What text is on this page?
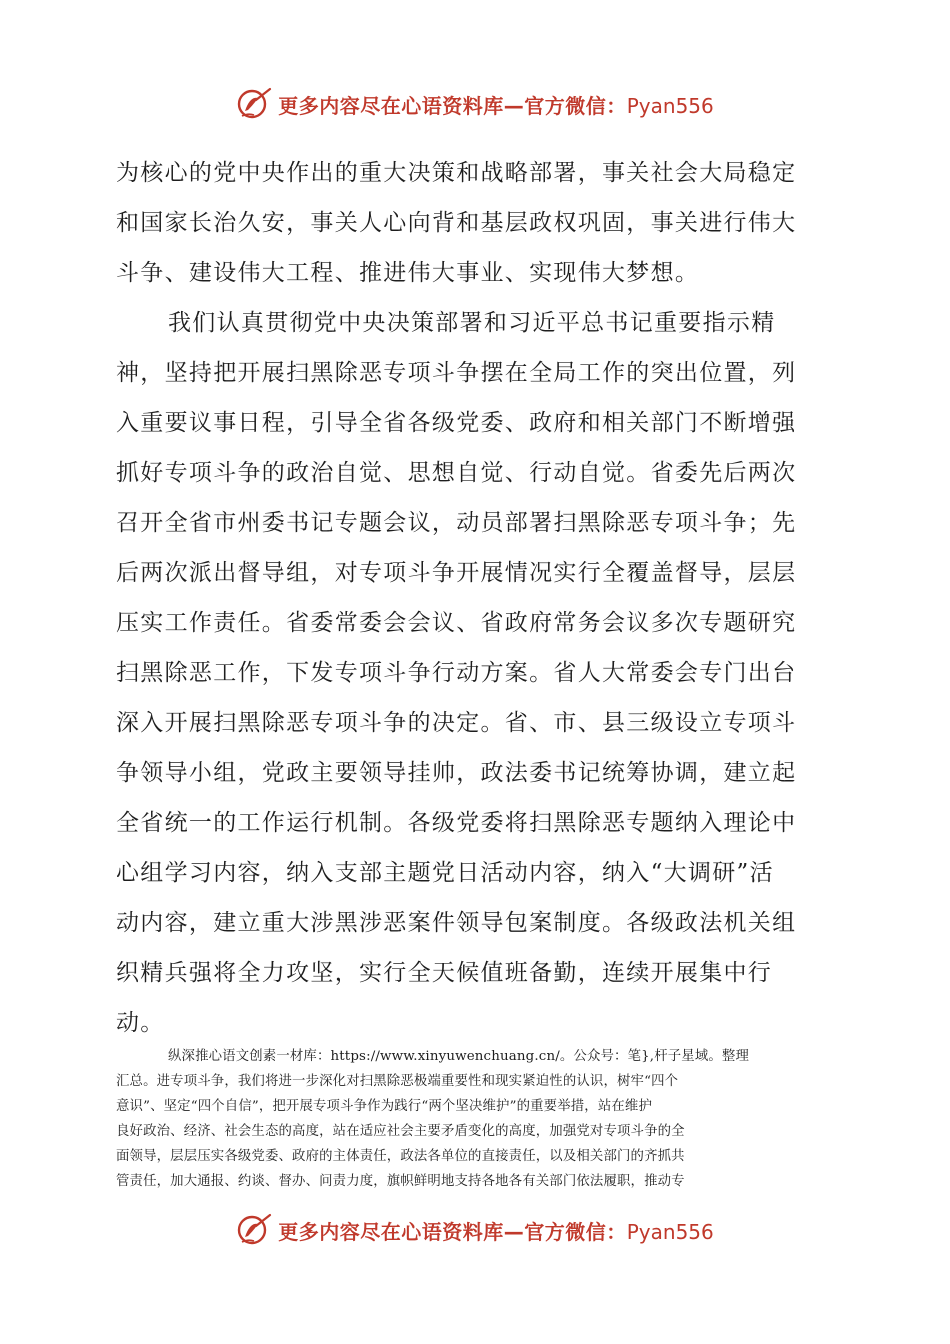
更多内容尽在心语资料库—官方微信：Pyan556
为核心的党中央作出的重大决策和战略部署，事关社会大局稳定
和国家长治久安，事关人心向背和基层政权巩固，事关进行伟大
斗争、建设伟大工程、推进伟大事业、实现伟大梦想。
我们认真贯彻党中央决策部署和习近平总书记重要指示精
神，坚持把开展扫黑除恶专项斗争摆在全局工作的突出位置，列
入重要议事日程，引导全省各级党委、政府和相关部门不断增强
抓好专项斗争的政治自觉、思想自觉、行动自觉。省委先后两次
召开全省市州委书记专题会议，动员部署扫黑除恶专项斗争；先
后两次派出督导组，对专项斗争开展情况实行全覆盖督导，层层
压实工作责任。省委常委会会议、省政府常务会议多次专题研究
扫黑除恶工作，下发专项斗争行动方案。省人大常委会专门出台
深入开展扫黑除恶专项斗争的决定。省、市、县三级设立专项斗
争领导小组，党政主要领导挂帅，政法委书记统筹协调，建立起
全省统一的工作运行机制。各级党委将扫黑除恶专题纳入理论中
心组学习内容，纳入支部主题党日活动内容，纳入“大调研”活
动内容，建立重大涉黑涉恶案件领导包案制度。各级政法机关组
织精兵强将全力攻坚，实行全天候值班备勤，连续开展集中行
动。
纵深推心语文创素一材库：https://www.xinyuwenchuang.cn/。公众号：笔},杆子星域。整理
汇总。进专项斗争，我们将进一步深化对扫黑除恶极端重要性和现实紧迫性的认识，树牢“四个
意识”、坚定“四个自信”，把开展专项斗争作为践行“两个坚决维护”的重要举措，站在维护
良好政治、经济、社会生态的高度，站在适应社会主要矛盾变化的高度，加强党对专项斗争的全
面领导，层层压实各级党委、政府的主体责任，政法各单位的直接责任，以及相关部门的齐抓共
管责任，加大通报、约谈、督办、问责力度，旗帜鲜明地支持各地各有关部门依法履职，推动专
更多内容尽在心语资料库—官方微信：Pyan556
